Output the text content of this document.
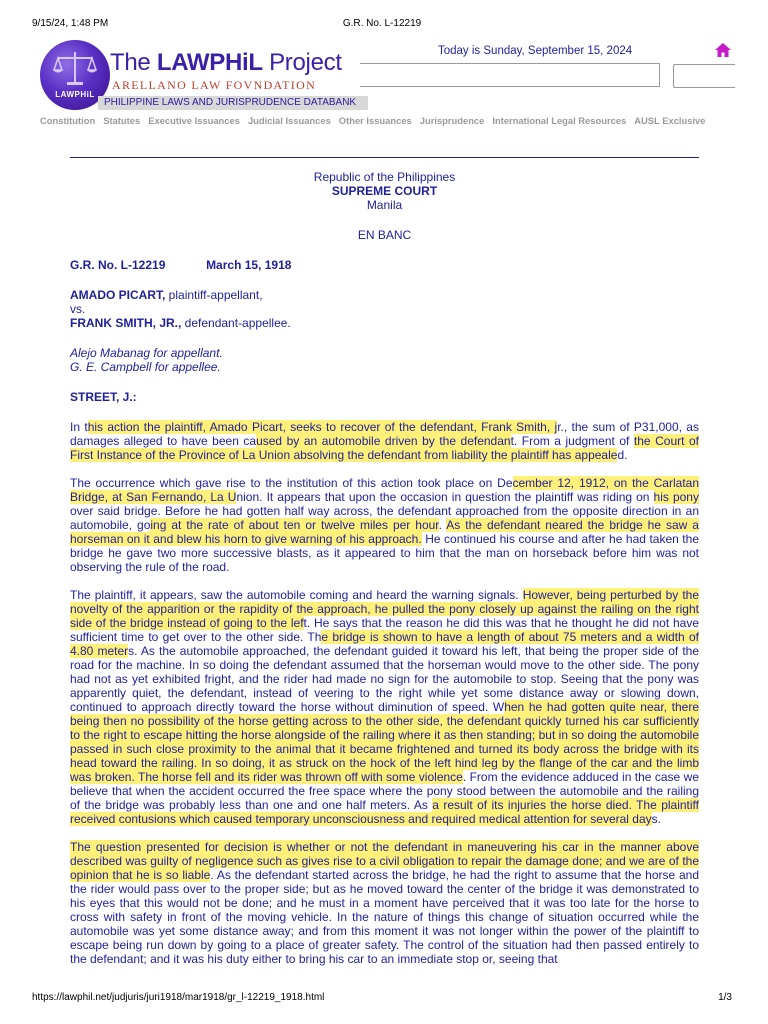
9/15/24, 1:48 PM	G.R. No. L-12219
LAWPHiL
The LAWPHiL Project
ARELLANO LAW FOVNDATION
PHILIPPINE LAWS AND JURISPRUDENCE DATABANK
Today is Sunday, September 15, 2024
Constitution Statutes Executive Issuances Judicial Issuances Other Issuances Jurisprudence International Legal Resources AUSL Exclusive
Republic of the Philippines
SUPREME COURT
Manila
EN BANC
G.R. No. L-12219	March 15, 1918
AMADO PICART, plaintiff-appellant,
vs.
FRANK SMITH, JR., defendant-appellee.
Alejo Mabanag for appellant.
G. E. Campbell for appellee.
STREET, J.:

In this action the plaintiff, Amado Picart, seeks to recover of the defendant, Frank Smith, jr., the sum of P31,000, as damages alleged to have been caused by an automobile driven by the defendant. From a judgment of the Court of First Instance of the Province of La Union absolving the defendant from liability the plaintiff has appealed.

The occurrence which gave rise to the institution of this action took place on December 12, 1912, on the Carlatan Bridge, at San Fernando, La Union. It appears that upon the occasion in question the plaintiff was riding on his pony over said bridge. Before he had gotten half way across, the defendant approached from the opposite direction in an automobile, going at the rate of about ten or twelve miles per hour. As the defendant neared the bridge he saw a horseman on it and blew his horn to give warning of his approach. He continued his course and after he had taken the bridge he gave two more successive blasts, as it appeared to him that the man on horseback before him was not observing the rule of the road.

The plaintiff, it appears, saw the automobile coming and heard the warning signals. However, being perturbed by the novelty of the apparition or the rapidity of the approach, he pulled the pony closely up against the railing on the right side of the bridge instead of going to the left. He says that the reason he did this was that he thought he did not have sufficient time to get over to the other side. The bridge is shown to have a length of about 75 meters and a width of 4.80 meters. As the automobile approached, the defendant guided it toward his left, that being the proper side of the road for the machine. In so doing the defendant assumed that the horseman would move to the other side. The pony had not as yet exhibited fright, and the rider had made no sign for the automobile to stop. Seeing that the pony was apparently quiet, the defendant, instead of veering to the right while yet some distance away or slowing down, continued to approach directly toward the horse without diminution of speed. When he had gotten quite near, there being then no possibility of the horse getting across to the other side, the defendant quickly turned his car sufficiently to the right to escape hitting the horse alongside of the railing where it as then standing; but in so doing the automobile passed in such close proximity to the animal that it became frightened and turned its body across the bridge with its head toward the railing. In so doing, it as struck on the hock of the left hind leg by the flange of the car and the limb was broken. The horse fell and its rider was thrown off with some violence. From the evidence adduced in the case we believe that when the accident occurred the free space where the pony stood between the automobile and the railing of the bridge was probably less than one and one half meters. As a result of its injuries the horse died. The plaintiff received contusions which caused temporary unconsciousness and required medical attention for several days.

The question presented for decision is whether or not the defendant in maneuvering his car in the manner above described was guilty of negligence such as gives rise to a civil obligation to repair the damage done; and we are of the opinion that he is so liable. As the defendant started across the bridge, he had the right to assume that the horse and the rider would pass over to the proper side; but as he moved toward the center of the bridge it was demonstrated to his eyes that this would not be done; and he must in a moment have perceived that it was too late for the horse to cross with safety in front of the moving vehicle. In the nature of things this change of situation occurred while the automobile was yet some distance away; and from this moment it was not longer within the power of the plaintiff to escape being run down by going to a place of greater safety. The control of the situation had then passed entirely to the defendant; and it was his duty either to bring his car to an immediate stop or, seeing that

https://lawphil.net/judjuris/juri1918/mar1918/gr_l-12219_1918.html	1/3
